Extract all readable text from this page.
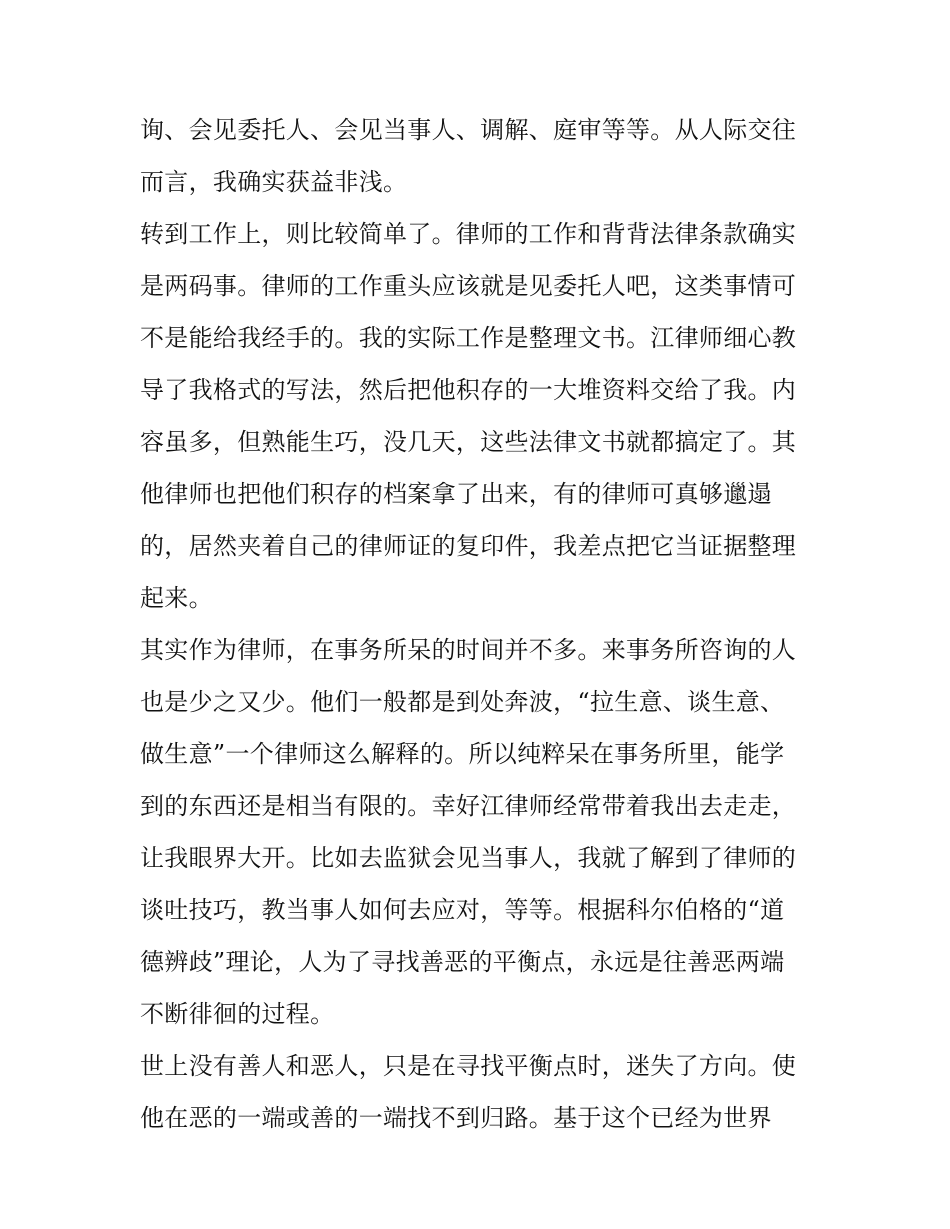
询、会见委托人、会见当事人、调解、庭审等等。从人际交往
而言，我确实获益非浅。
转到工作上，则比较简单了。律师的工作和背背法律条款确实
是两码事。律师的工作重头应该就是见委托人吧，这类事情可
不是能给我经手的。我的实际工作是整理文书。江律师细心教
导了我格式的写法，然后把他积存的一大堆资料交给了我。内
容虽多，但熟能生巧，没几天，这些法律文书就都搞定了。其
他律师也把他们积存的档案拿了出来，有的律师可真够邋遢
的，居然夹着自己的律师证的复印件，我差点把它当证据整理
起来。
其实作为律师，在事务所呆的时间并不多。来事务所咨询的人
也是少之又少。他们一般都是到处奔波，“拉生意、谈生意、
做生意”一个律师这么解释的。所以纯粹呆在事务所里，能学
到的东西还是相当有限的。幸好江律师经常带着我出去走走，
让我眼界大开。比如去监狱会见当事人，我就了解到了律师的
谈吐技巧，教当事人如何去应对，等等。根据科尔伯格的“道
德辨歧”理论，人为了寻找善恶的平衡点，永远是往善恶两端
不断徘徊的过程。
世上没有善人和恶人，只是在寻找平衡点时，迷失了方向。使
他在恶的一端或善的一端找不到归路。基于这个已经为世界
